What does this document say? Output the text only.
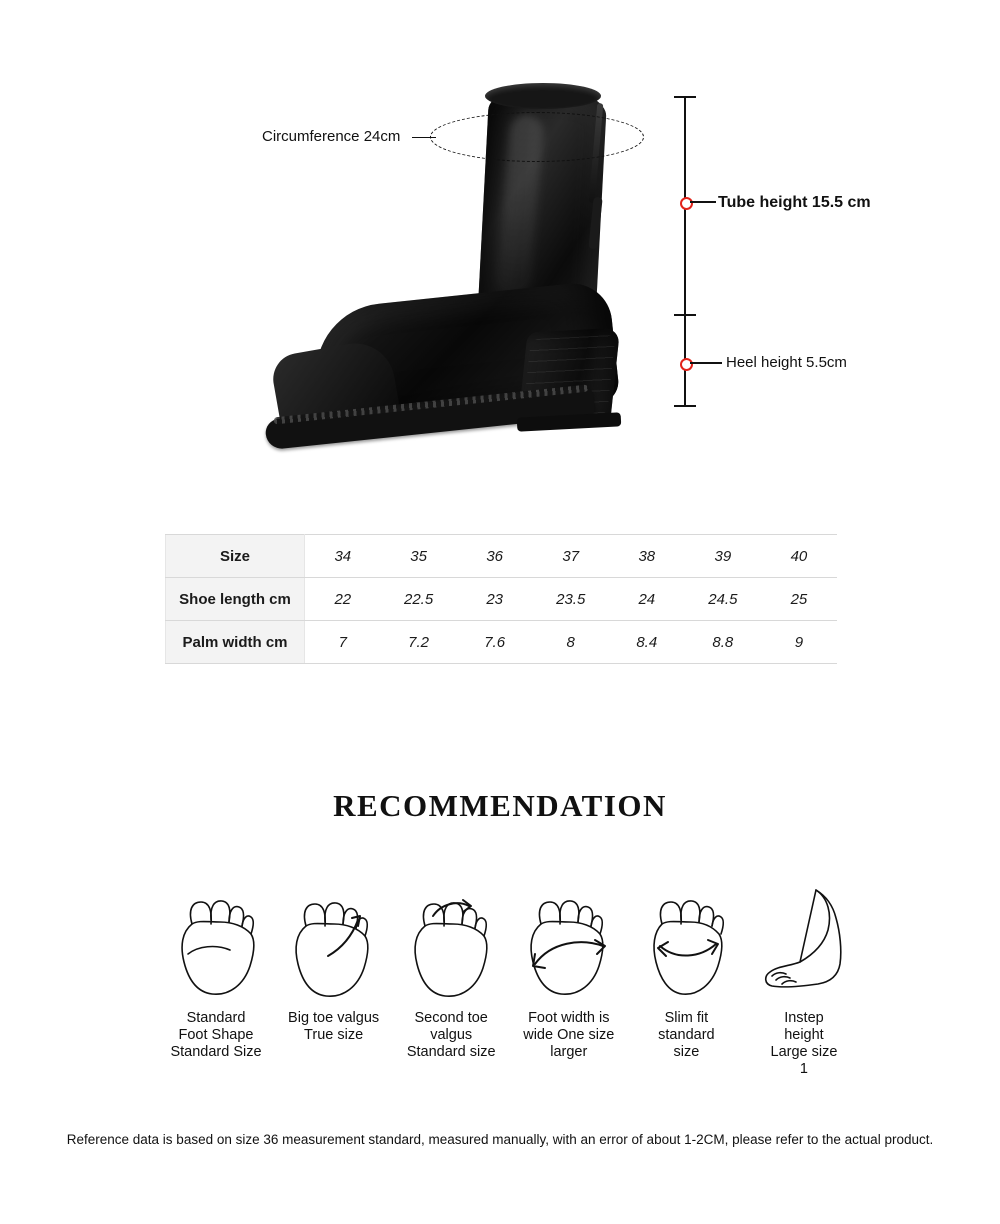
Circumference 24cm
Tube height 15.5 cm
Heel height 5.5cm
Size	34	35	36	37	38	39	40
Shoe length cm	22	22.5	23	23.5	24	24.5	25
Palm width cm	7	7.2	7.6	8	8.4	8.8	9
RECOMMENDATION
Standard
Foot Shape
Standard Size
Big toe valgus
True size
Second toe
valgus
Standard size
Foot width is
wide One size
larger
Slim fit
standard
size
Instep
height
Large size
1
Reference data is based on size 36 measurement standard, measured manually, with an error of about 1-2CM, please refer to the actual product.
